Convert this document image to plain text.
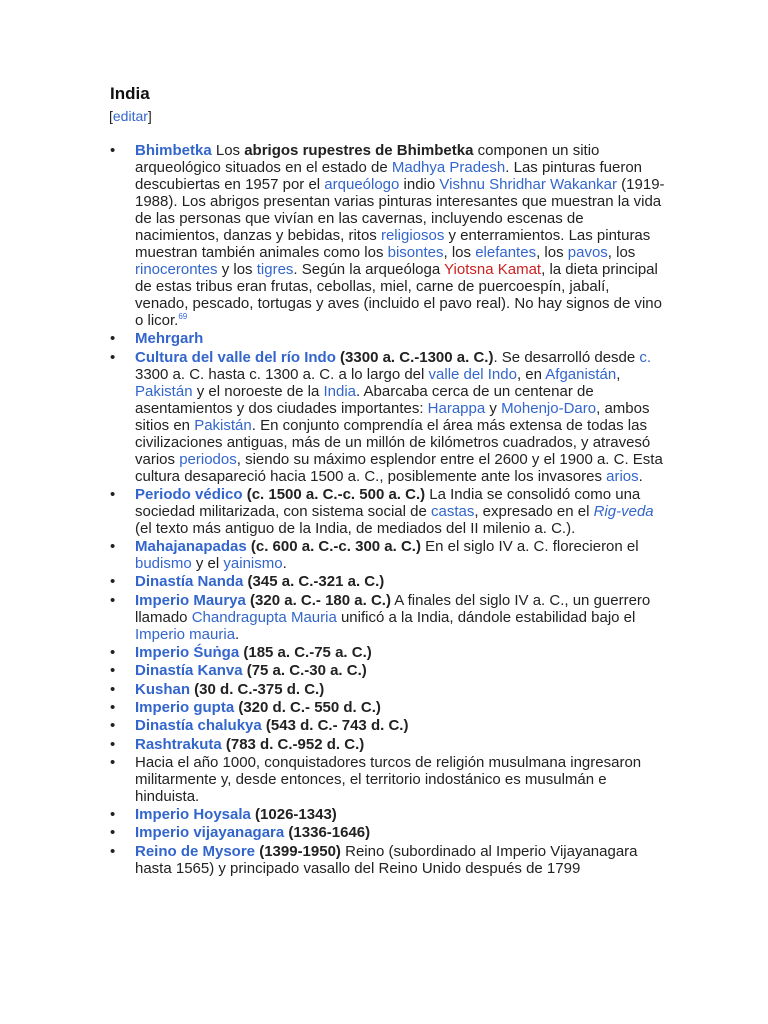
India
[editar]
• Bhimbetka Los abrigos rupestres de Bhimbetka componen un sitio arqueológico situados en el estado de Madhya Pradesh. Las pinturas fueron descubiertas en 1957 por el arqueólogo indio Vishnu Shridhar Wakankar (1919-1988). Los abrigos presentan varias pinturas interesantes que muestran la vida de las personas que vivían en las cavernas, incluyendo escenas de nacimientos, danzas y bebidas, ritos religiosos y enterramientos. Las pinturas muestran también animales como los bisontes, los elefantes, los pavos, los rinocerontes y los tigres. Según la arqueóloga Yiotsna Kamat, la dieta principal de estas tribus eran frutas, cebollas, miel, carne de puercoespín, jabalí, venado, pescado, tortugas y aves (incluido el pavo real). No hay signos de vino o licor.$^{69}$
• Mehrgarh
• Cultura del valle del río Indo (3300 a. C.-1300 a. C.). Se desarrolló desde c. 3300 a. C. hasta c. 1300 a. C. a lo largo del valle del Indo, en Afganistán, Pakistán y el noroeste de la India. Abarcaba cerca de un centenar de asentamientos y dos ciudades importantes: Harappa y Mohenjo-Daro, ambos sitios en Pakistán. En conjunto comprendía el área más extensa de todas las civilizaciones antiguas, más de un millón de kilómetros cuadrados, y atravesó varios periodos, siendo su máximo esplendor entre el 2600 y el 1900 a. C. Esta cultura desapareció hacia 1500 a. C., posiblemente ante los invasores arios.
• Periodo védico (c. 1500 a. C.-c. 500 a. C.) La India se consolidó como una sociedad militarizada, con sistema social de castas, expresado en el Rig-veda (el texto más antiguo de la India, de mediados del II milenio a. C.).
• Mahajanapadas (c. 600 a. C.-c. 300 a. C.) En el siglo IV a. C. florecieron el budismo y el yainismo.
• Dinastía Nanda (345 a. C.-321 a. C.)
• Imperio Maurya (320 a. C.- 180 a. C.) A finales del siglo IV a. C., un guerrero llamado Chandragupta Mauria unificó a la India, dándole estabilidad bajo el Imperio mauria.
• Imperio Śuṅga (185 a. C.-75 a. C.)
• Dinastía Kanva (75 a. C.-30 a. C.)
• Kushan (30 d. C.-375 d. C.)
• Imperio gupta (320 d. C.- 550 d. C.)
• Dinastía chalukya (543 d. C.- 743 d. C.)
• Rashtrakuta (783 d. C.-952 d. C.)
• Hacia el año 1000, conquistadores turcos de religión musulmana ingresaron militarmente y, desde entonces, el territorio indostánico es musulmán e hinduista.
• Imperio Hoysala (1026-1343)
• Imperio vijayanagara (1336-1646)
• Reino de Mysore (1399-1950) Reino (subordinado al Imperio Vijayanagara hasta 1565) y principado vasallo del Reino Unido después de 1799
